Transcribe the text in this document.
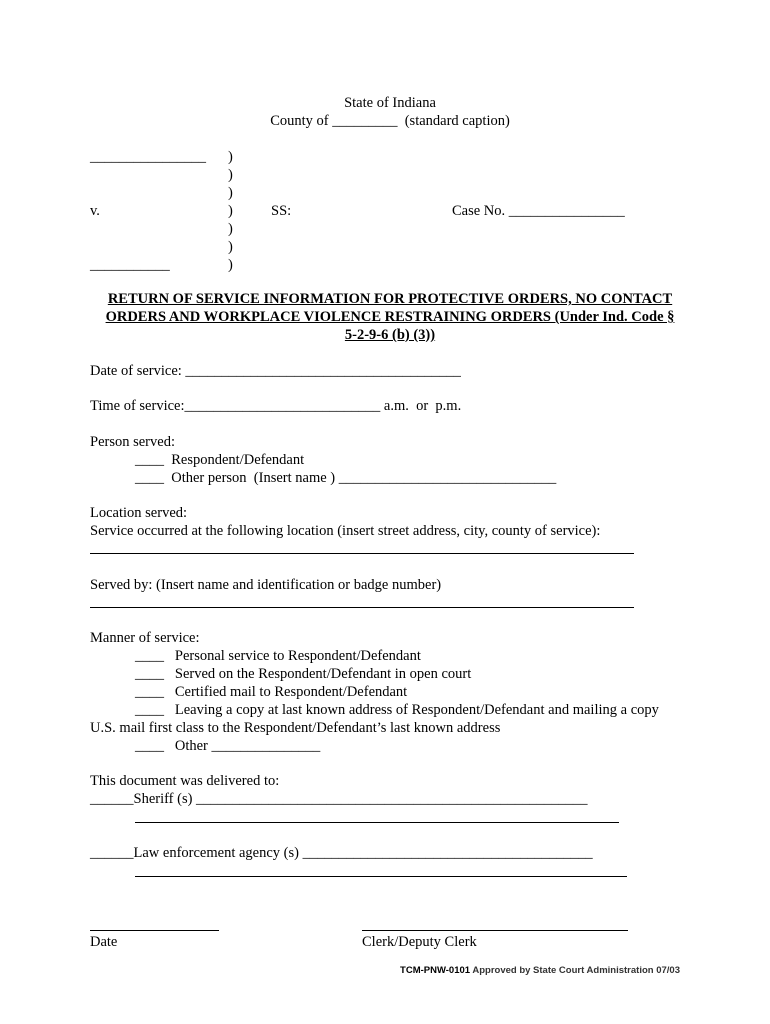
State of Indiana
County of _________  (standard caption)
________________ )
)
)
v.	)	SS:	Case No. ________________
)
)
___________	)
RETURN OF SERVICE INFORMATION FOR PROTECTIVE ORDERS, NO CONTACT
ORDERS AND WORKPLACE VIOLENCE RESTRAINING ORDERS (Under Ind. Code §
5-2-9-6 (b) (3))
Date of service: ______________________________________
Time of service:___________________________ a.m.  or  p.m.
Person served:
____  Respondent/Defendant
____  Other person  (Insert name ) ______________________________
Location served:
Service occurred at the following location (insert street address, city, county of service):
Served by: (Insert name and identification or badge number)
Manner of service:
____   Personal service to Respondent/Defendant
____   Served on the Respondent/Defendant in open court
____   Certified mail to Respondent/Defendant
____   Leaving a copy at last known address of Respondent/Defendant and mailing a copy
U.S. mail first class to the Respondent/Defendant’s last known address
____   Other _______________
This document was delivered to:
______Sheriff (s) ______________________________________________________
______Law enforcement agency (s) ________________________________________
Date	Clerk/Deputy Clerk
TCM-PNW-0101 Approved by State Court Administration 07/03
